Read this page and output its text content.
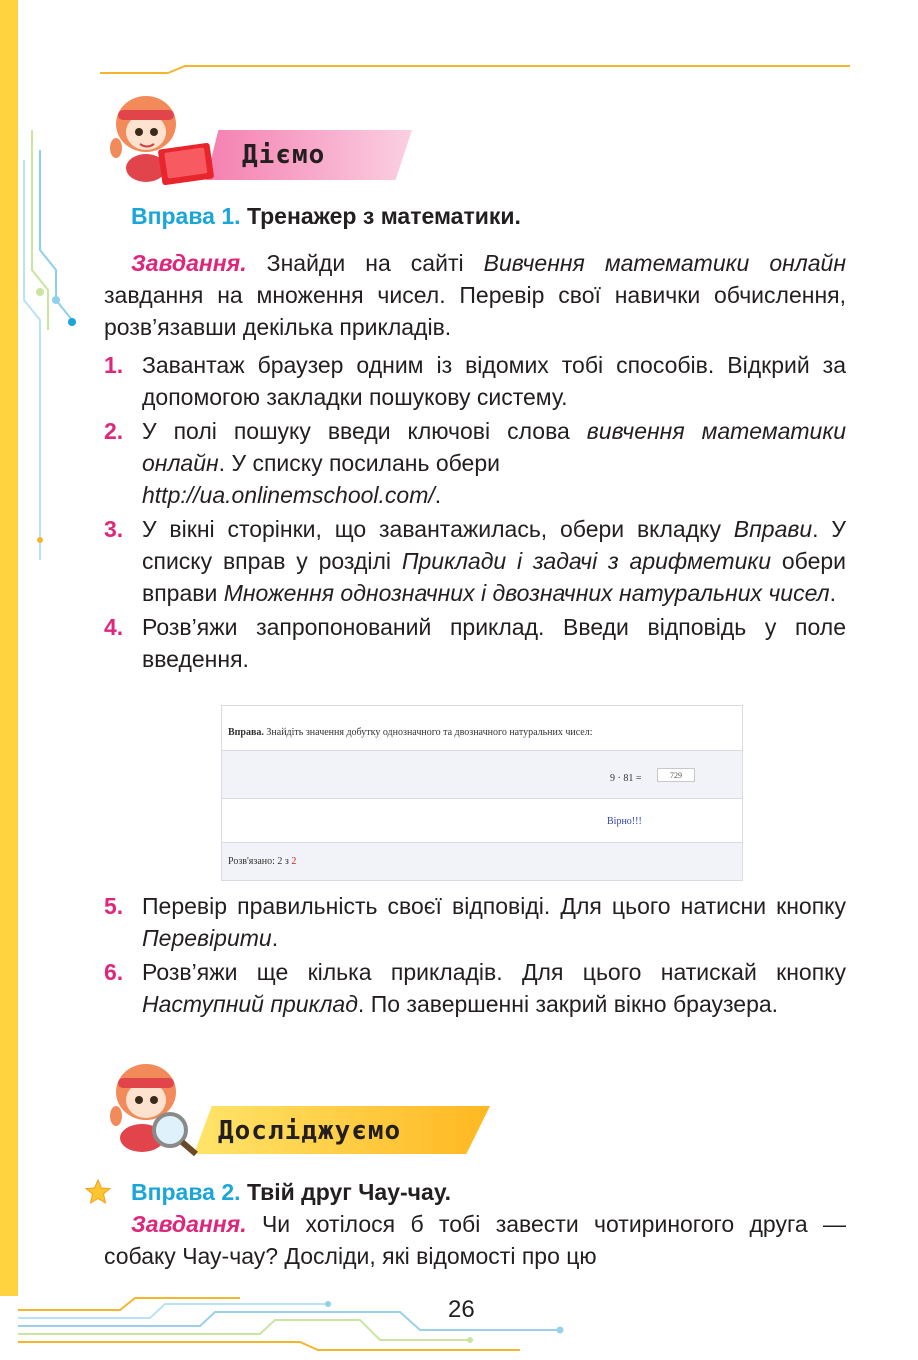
Дiємо
Вправа 1. Тренажер з математики.
Завдання. Знайди на сайті Вивчення математики онлайн завдання на множення чисел. Перевір свої навички обчислення, розв’язавши декілька прикладів.
1. Завантаж браузер одним із відомих тобі способів. Відкрий за допомогою закладки пошукову систему.
2. У полі пошуку введи ключові слова вивчення математики онлайн. У списку посилань обери
http://ua.onlinemschool.com/.
3. У вікні сторінки, що завантажилась, обери вкладку Вправи. У списку вправ у розділі Приклади і задачі з арифметики обери вправи Множення однозначних і двозначних натуральних чисел.
4. Розв’яжи запропонований приклад. Введи відповідь у поле введення.
Вправа. Знайдіть значення добутку однозначного та двозначного натуральних чисел:
9 · 81 =	729
Вірно!!!
Розв'язано: 2 з 2
5. Перевір правильність своєї відповіді. Для цього натисни кнопку Перевірити.
6. Розв’яжи ще кілька прикладів. Для цього натискай кнопку Наступний приклад. По завершенні закрий вікно браузера.
Досліджуємо
Вправа 2. Твій друг Чау-чау.
Завдання. Чи хотілося б тобі завести чотириногого друга — собаку Чау-чау? Досліди, які відомості про цю
26
